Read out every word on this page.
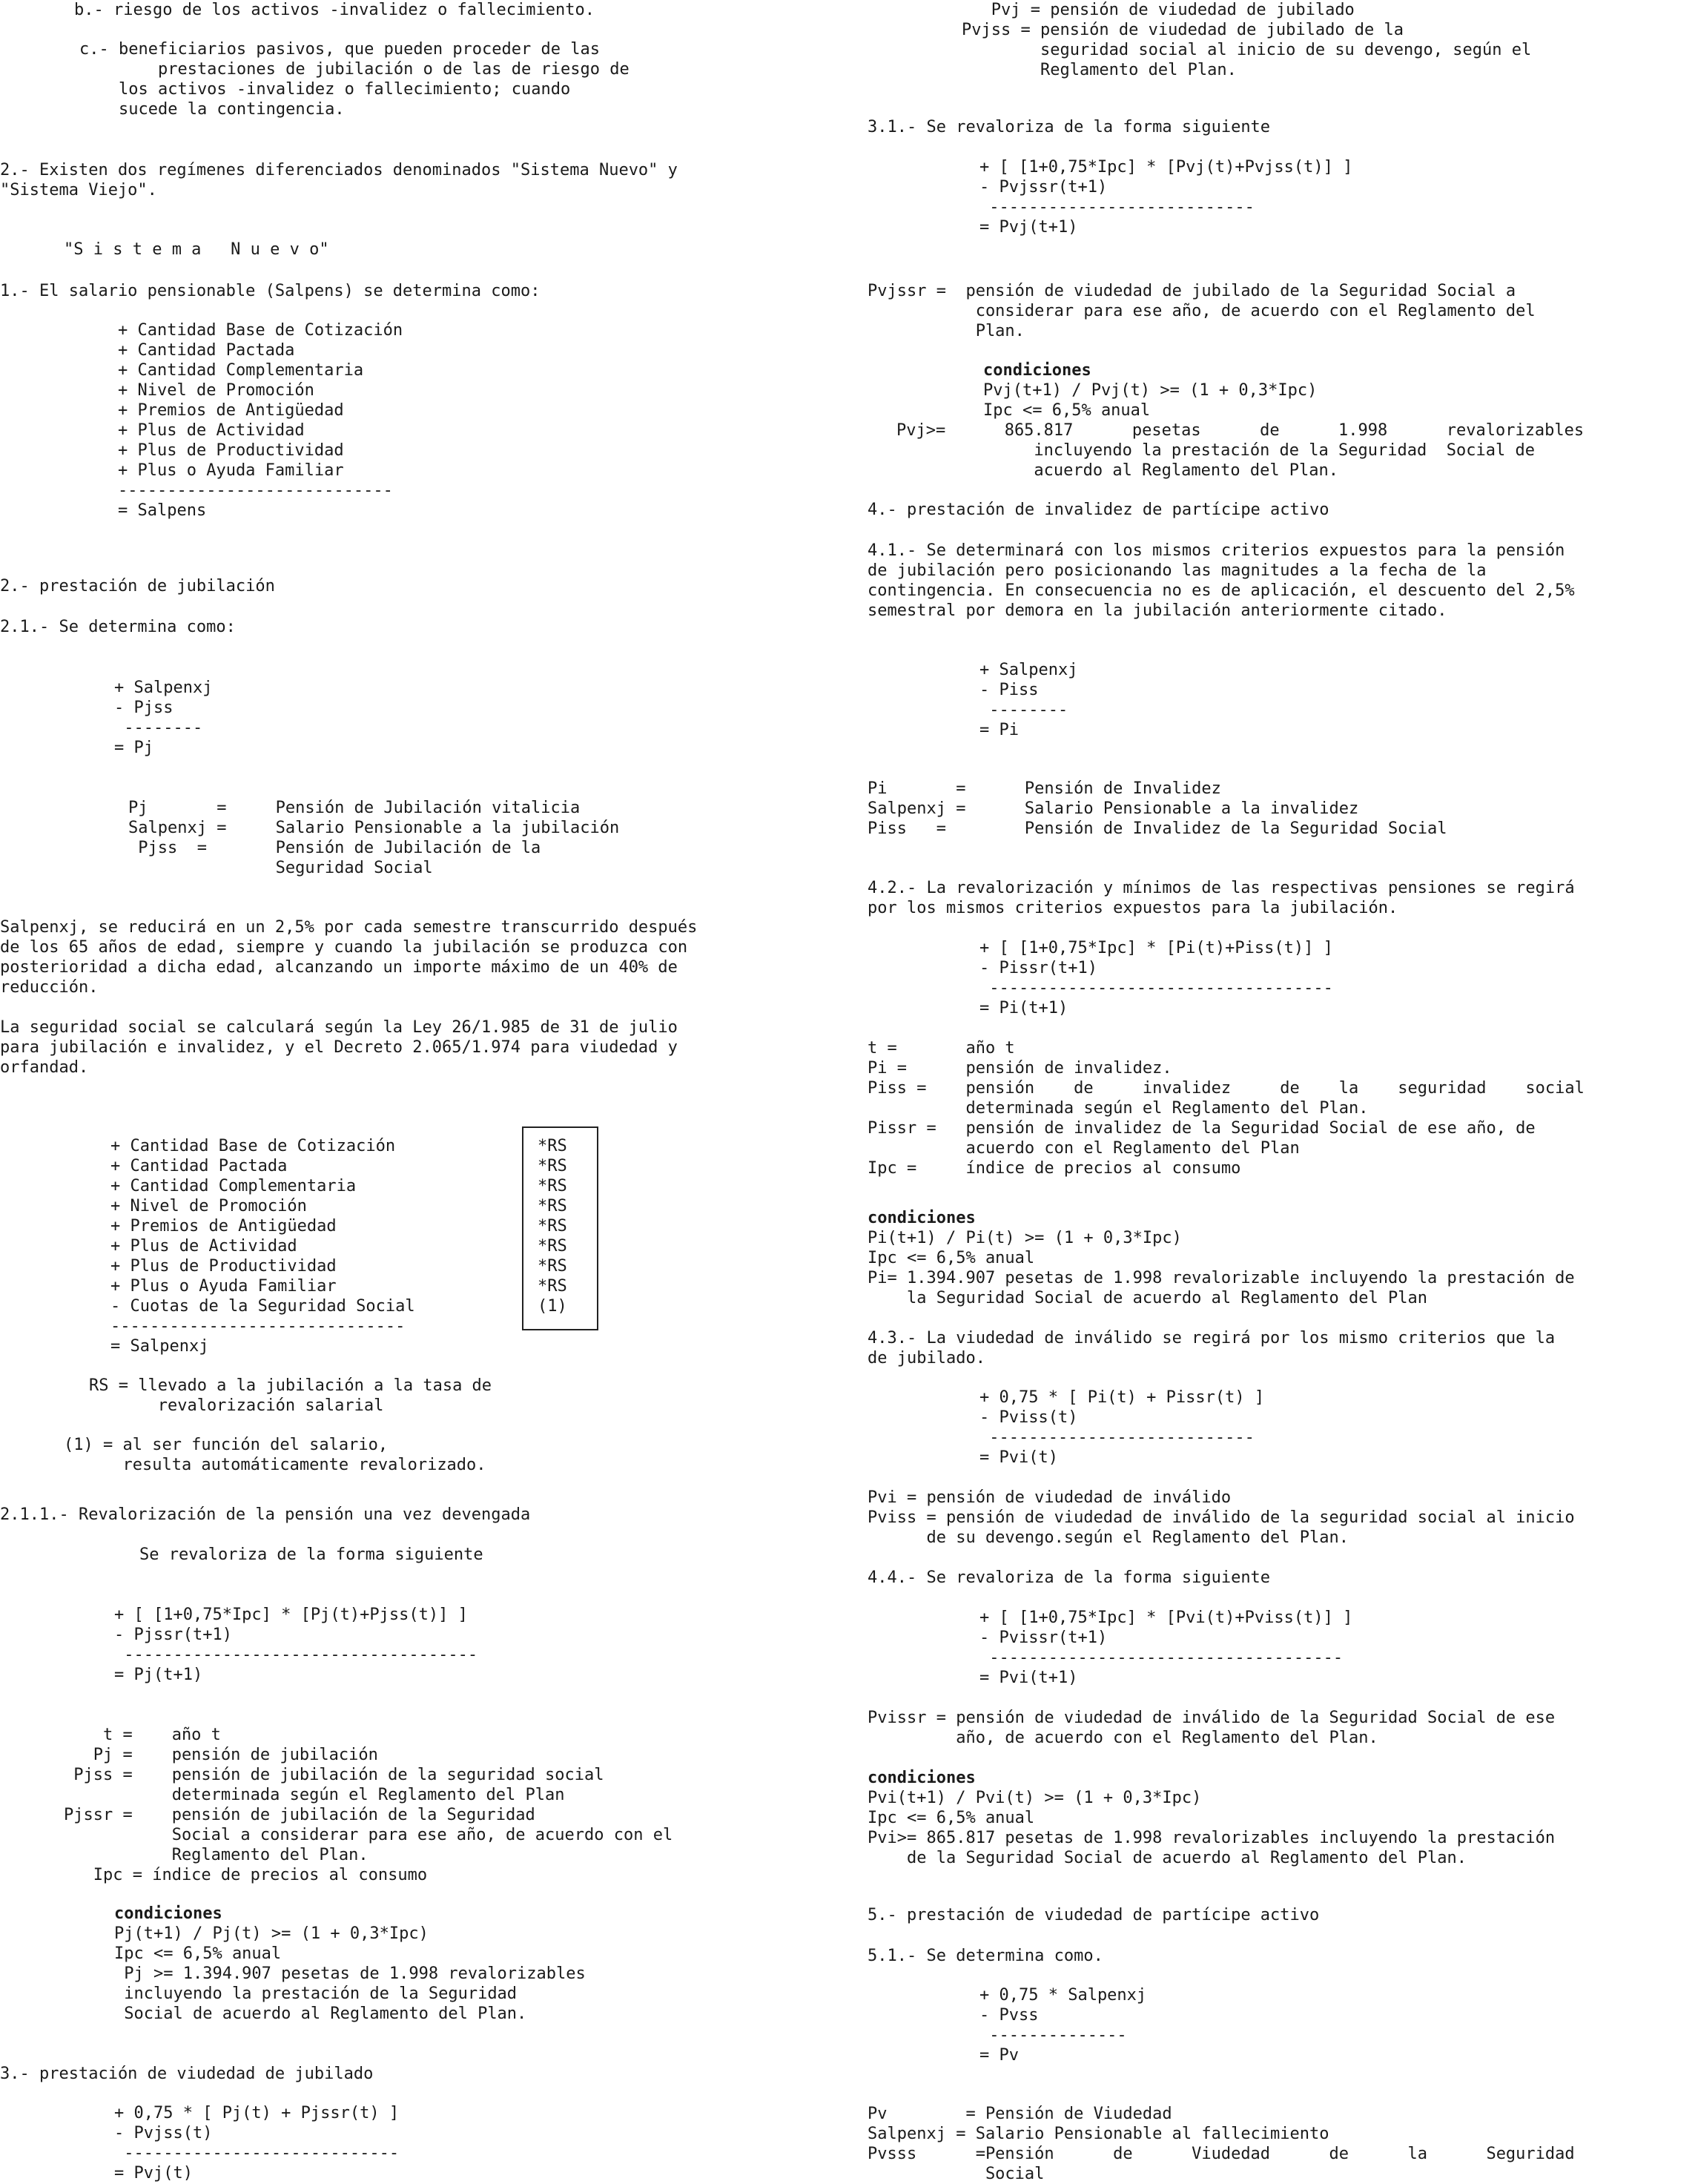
b.- riesgo de los activos -invalidez o fallecimiento.
c.- beneficiarios pasivos, que pueden proceder de las
prestaciones de jubilación o de las de riesgo de
los activos -invalidez o fallecimiento; cuando
sucede la contingencia.
2.- Existen dos regímenes diferenciados denominados "Sistema Nuevo" y
"Sistema Viejo".
"S i s t e m a   N u e v o"
1.- El salario pensionable (Salpens) se determina como:
+ Cantidad Base de Cotización
+ Cantidad Pactada
+ Cantidad Complementaria
+ Nivel de Promoción
+ Premios de Antigüedad
+ Plus de Actividad
+ Plus de Productividad
+ Plus o Ayuda Familiar
----------------------------
= Salpens
2.- prestación de jubilación
2.1.- Se determina como:
+ Salpenxj
- Pjss
--------
= Pj
Pj       =     Pensión de Jubilación vitalicia
Salpenxj =     Salario Pensionable a la jubilación
Pjss  =       Pensión de Jubilación de la
Seguridad Social
Salpenxj, se reducirá en un 2,5% por cada semestre transcurrido después
de los 65 años de edad, siempre y cuando la jubilación se produzca con
posterioridad a dicha edad, alcanzando un importe máximo de un 40% de
reducción.
La seguridad social se calculará según la Ley 26/1.985 de 31 de julio
para jubilación e invalidez, y el Decreto 2.065/1.974 para viudedad y
orfandad.
+ Cantidad Base de Cotización
+ Cantidad Pactada
+ Cantidad Complementaria
+ Nivel de Promoción
+ Premios de Antigüedad
+ Plus de Actividad
+ Plus de Productividad
+ Plus o Ayuda Familiar
- Cuotas de la Seguridad Social
------------------------------
= Salpenxj
*RS
*RS
*RS
*RS
*RS
*RS
*RS
*RS
(1)
RS = llevado a la jubilación a la tasa de
revalorización salarial
(1) = al ser función del salario,
resulta automáticamente revalorizado.
2.1.1.- Revalorización de la pensión una vez devengada
Se revaloriza de la forma siguiente
+ [ [1+0,75*Ipc] * [Pj(t)+Pjss(t)] ]
- Pjssr(t+1)
------------------------------------
= Pj(t+1)
t =    año t
Pj =    pensión de jubilación
Pjss =    pensión de jubilación de la seguridad social
determinada según el Reglamento del Plan
Pjssr =    pensión de jubilación de la Seguridad
Social a considerar para ese año, de acuerdo con el
Reglamento del Plan.
Ipc = índice de precios al consumo
condiciones
Pj(t+1) / Pj(t) >= (1 + 0,3*Ipc)
Ipc <= 6,5% anual
Pj >= 1.394.907 pesetas de 1.998 revalorizables
incluyendo la prestación de la Seguridad
Social de acuerdo al Reglamento del Plan.
3.- prestación de viudedad de jubilado
+ 0,75 * [ Pj(t) + Pjssr(t) ]
- Pvjss(t)
----------------------------
= Pvj(t)
Pvj = pensión de viudedad de jubilado
Pvjss = pensión de viudedad de jubilado de la
seguridad social al inicio de su devengo, según el
Reglamento del Plan.
3.1.- Se revaloriza de la forma siguiente
+ [ [1+0,75*Ipc] * [Pvj(t)+Pvjss(t)] ]
- Pvjssr(t+1)
---------------------------
= Pvj(t+1)
Pvjssr =  pensión de viudedad de jubilado de la Seguridad Social a
considerar para ese año, de acuerdo con el Reglamento del
Plan.
condiciones
Pvj(t+1) / Pvj(t) >= (1 + 0,3*Ipc)
Ipc <= 6,5% anual
Pvj>=      865.817      pesetas      de      1.998      revalorizables
incluyendo la prestación de la Seguridad  Social de
acuerdo al Reglamento del Plan.
4.- prestación de invalidez de partícipe activo
4.1.- Se determinará con los mismos criterios expuestos para la pensión
de jubilación pero posicionando las magnitudes a la fecha de la
contingencia. En consecuencia no es de aplicación, el descuento del 2,5%
semestral por demora en la jubilación anteriormente citado.
+ Salpenxj
- Piss
--------
= Pi
Pi       =      Pensión de Invalidez
Salpenxj =      Salario Pensionable a la invalidez
Piss   =        Pensión de Invalidez de la Seguridad Social
4.2.- La revalorización y mínimos de las respectivas pensiones se regirá
por los mismos criterios expuestos para la jubilación.
+ [ [1+0,75*Ipc] * [Pi(t)+Piss(t)] ]
- Pissr(t+1)
-----------------------------------
= Pi(t+1)
t =       año t
Pi =      pensión de invalidez.
Piss =    pensión    de     invalidez     de    la    seguridad    social
determinada según el Reglamento del Plan.
Pissr =   pensión de invalidez de la Seguridad Social de ese año, de
acuerdo con el Reglamento del Plan
Ipc =     índice de precios al consumo
condiciones
Pi(t+1) / Pi(t) >= (1 + 0,3*Ipc)
Ipc <= 6,5% anual
Pi= 1.394.907 pesetas de 1.998 revalorizable incluyendo la prestación de
la Seguridad Social de acuerdo al Reglamento del Plan
4.3.- La viudedad de inválido se regirá por los mismo criterios que la
de jubilado.
+ 0,75 * [ Pi(t) + Pissr(t) ]
- Pviss(t)
---------------------------
= Pvi(t)
Pvi = pensión de viudedad de inválido
Pviss = pensión de viudedad de inválido de la seguridad social al inicio
de su devengo.según el Reglamento del Plan.
4.4.- Se revaloriza de la forma siguiente
+ [ [1+0,75*Ipc] * [Pvi(t)+Pviss(t)] ]
- Pvissr(t+1)
------------------------------------
= Pvi(t+1)
Pvissr = pensión de viudedad de inválido de la Seguridad Social de ese
año, de acuerdo con el Reglamento del Plan.
condiciones
Pvi(t+1) / Pvi(t) >= (1 + 0,3*Ipc)
Ipc <= 6,5% anual
Pvi>= 865.817 pesetas de 1.998 revalorizables incluyendo la prestación
de la Seguridad Social de acuerdo al Reglamento del Plan.
5.- prestación de viudedad de partícipe activo
5.1.- Se determina como.
+ 0,75 * Salpenxj
- Pvss
--------------
= Pv
Pv        = Pensión de Viudedad
Salpenxj = Salario Pensionable al fallecimiento
Pvsss      =Pensión      de      Viudedad      de      la      Seguridad
Social
